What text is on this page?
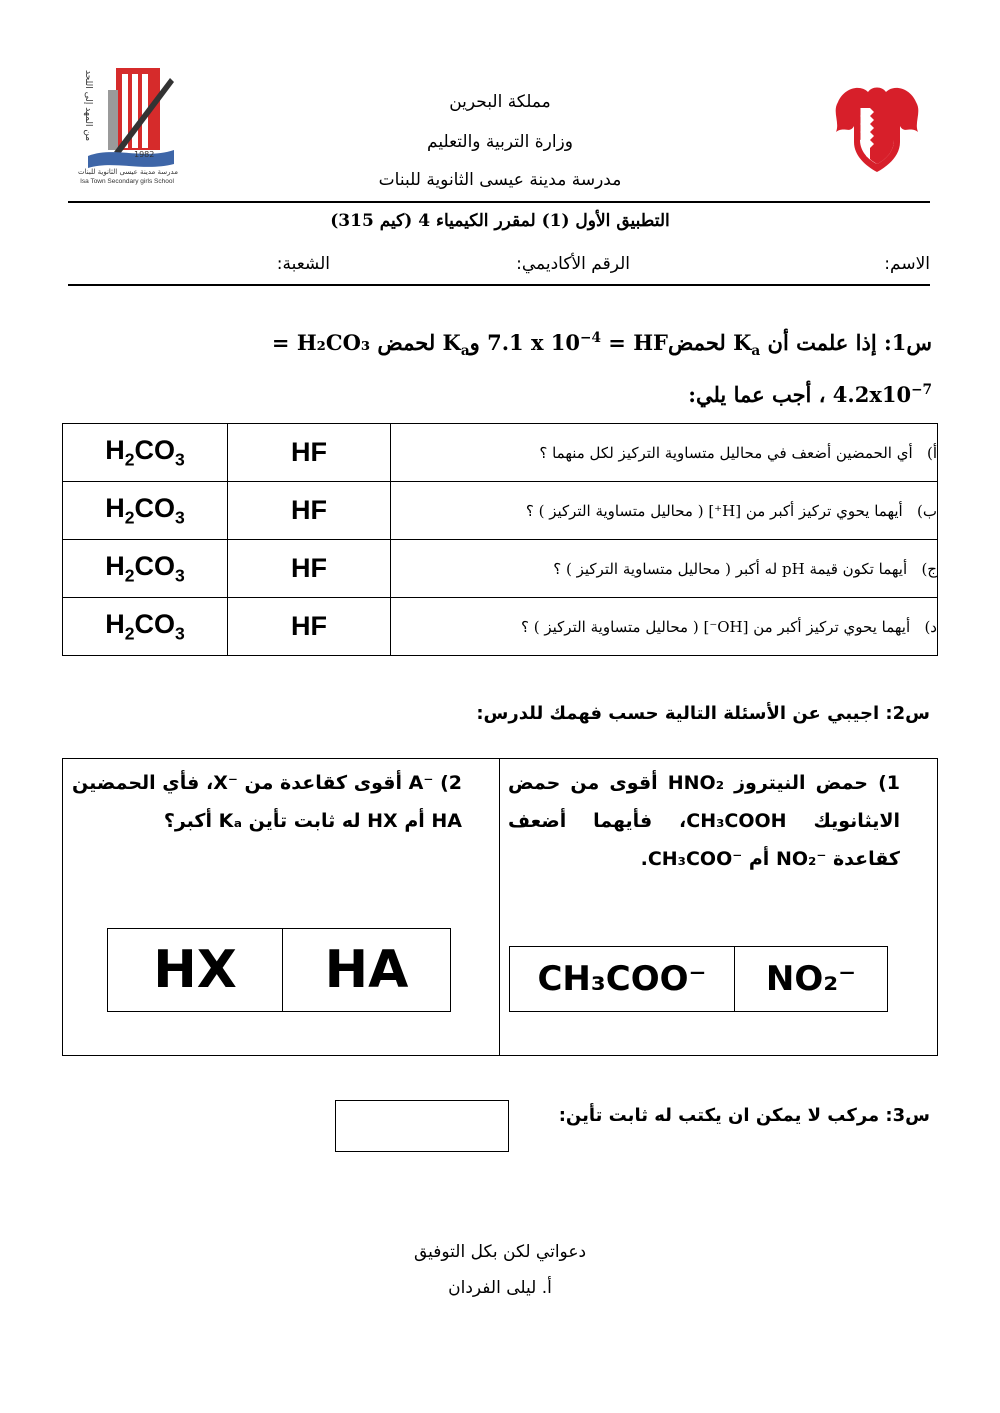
من المهد إلى اللحد
1982
مدرسة مدينة عيسى الثانوية للبنات
Isa Town Secondary girls School
مملكة البحرين
وزارة التربية والتعليم
مدرسة مدينة عيسى الثانوية للبنات
التطبيق الأول (1) لمقرر الكيمياء 4 (كيم 315)
الاسم:
الرقم الأكاديمي:
الشعبة:
س1: إذا علمت أن $K_a$ لحمضHF = 7.1 x $10^{-4}$ وK$_a$ لحمض H₂CO₃ =
$4.2x10^{-7}$ ، أجب عما يلي:
$H_2CO_3$	HF	أ)   أي الحمضين أضعف في محاليل متساوية التركيز لكل منهما ؟
$H_2CO_3$	HF	ب)   أيهما يحوي تركيز أكبر من [H⁺] ( محاليل متساوية التركيز ) ؟
$H_2CO_3$	HF	ج)   أيهما تكون قيمة pH له أكبر ( محاليل متساوية التركيز ) ؟
$H_2CO_3$	HF	د)   أيهما يحوي تركيز أكبر من [OH⁻] ( محاليل متساوية التركيز ) ؟
س2: اجيبي عن الأسئلة التالية حسب فهمك للدرس:
1) حمض النيتروز HNO₂ أقوى من حمض الايثانويك CH₃COOH، فأيهما أضعف كقاعدة ⁻NO₂ أم ⁻CH₃COO.
CH₃COO⁻	NO₂⁻
2) ⁻A أقوى كقاعدة من ⁻X، فأي الحمضين HA أم HX له ثابت تأين Kₐ أكبر؟
HX	HA
س3: مركب لا يمكن ان يكتب له ثابت تأين:
دعواتي لكن بكل التوفيق
أ. ليلى الفردان
